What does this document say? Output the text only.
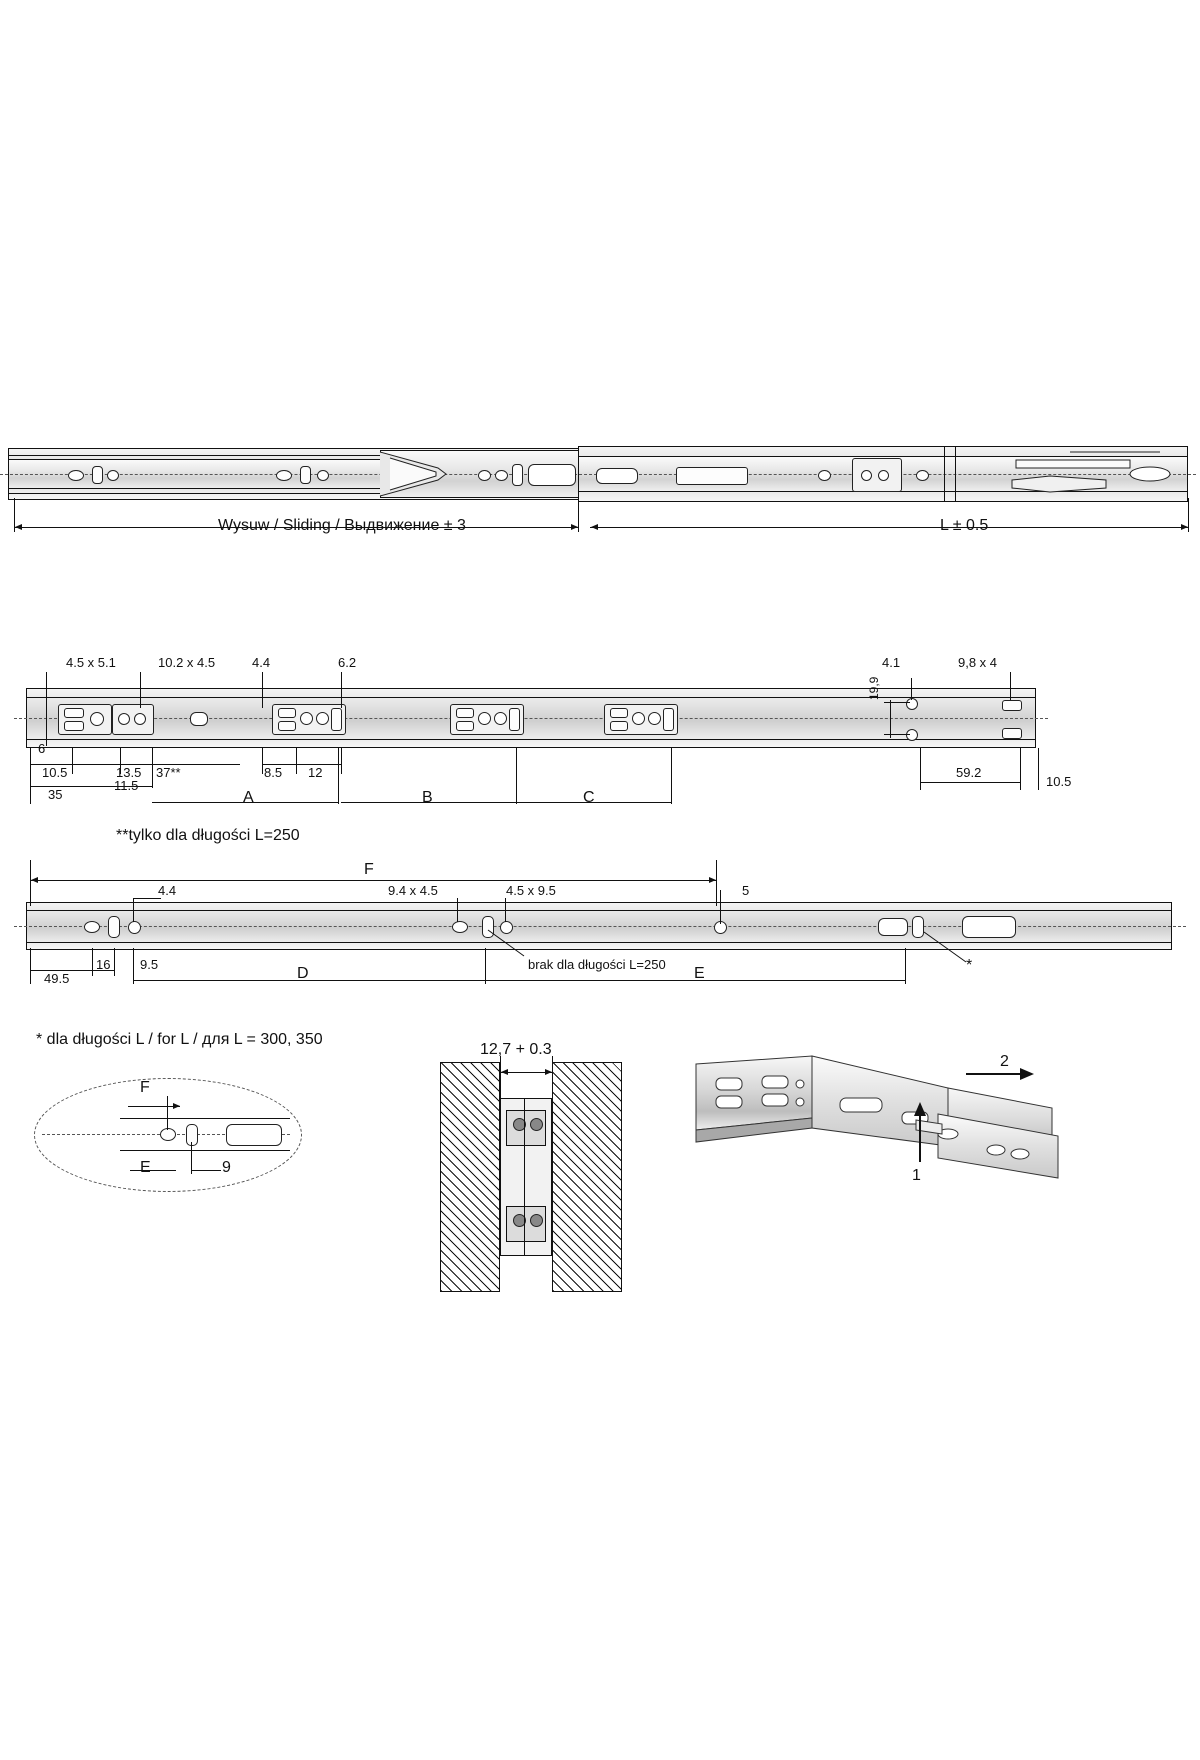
Wysuw / Sliding / Выдвижение ± 3	L ± 0.5
4.5 x 5.1	10.2 x 4.5	4.4	6.2	4.1	9,8 x 4
6
19,9
10.5	13.5 37**	8.5 12
35
11.5
59.2
10.5
A	B	C
**tylko dla długości L=250
F
4.4	9.4 x 4.5	4.5 x 9.5	5
brak dla długości L=250
49.5
16 9.5
D	E	*
* dla długości L / for L / для L = 300, 350
F
E	9
12,7 + 0.3
2
1
